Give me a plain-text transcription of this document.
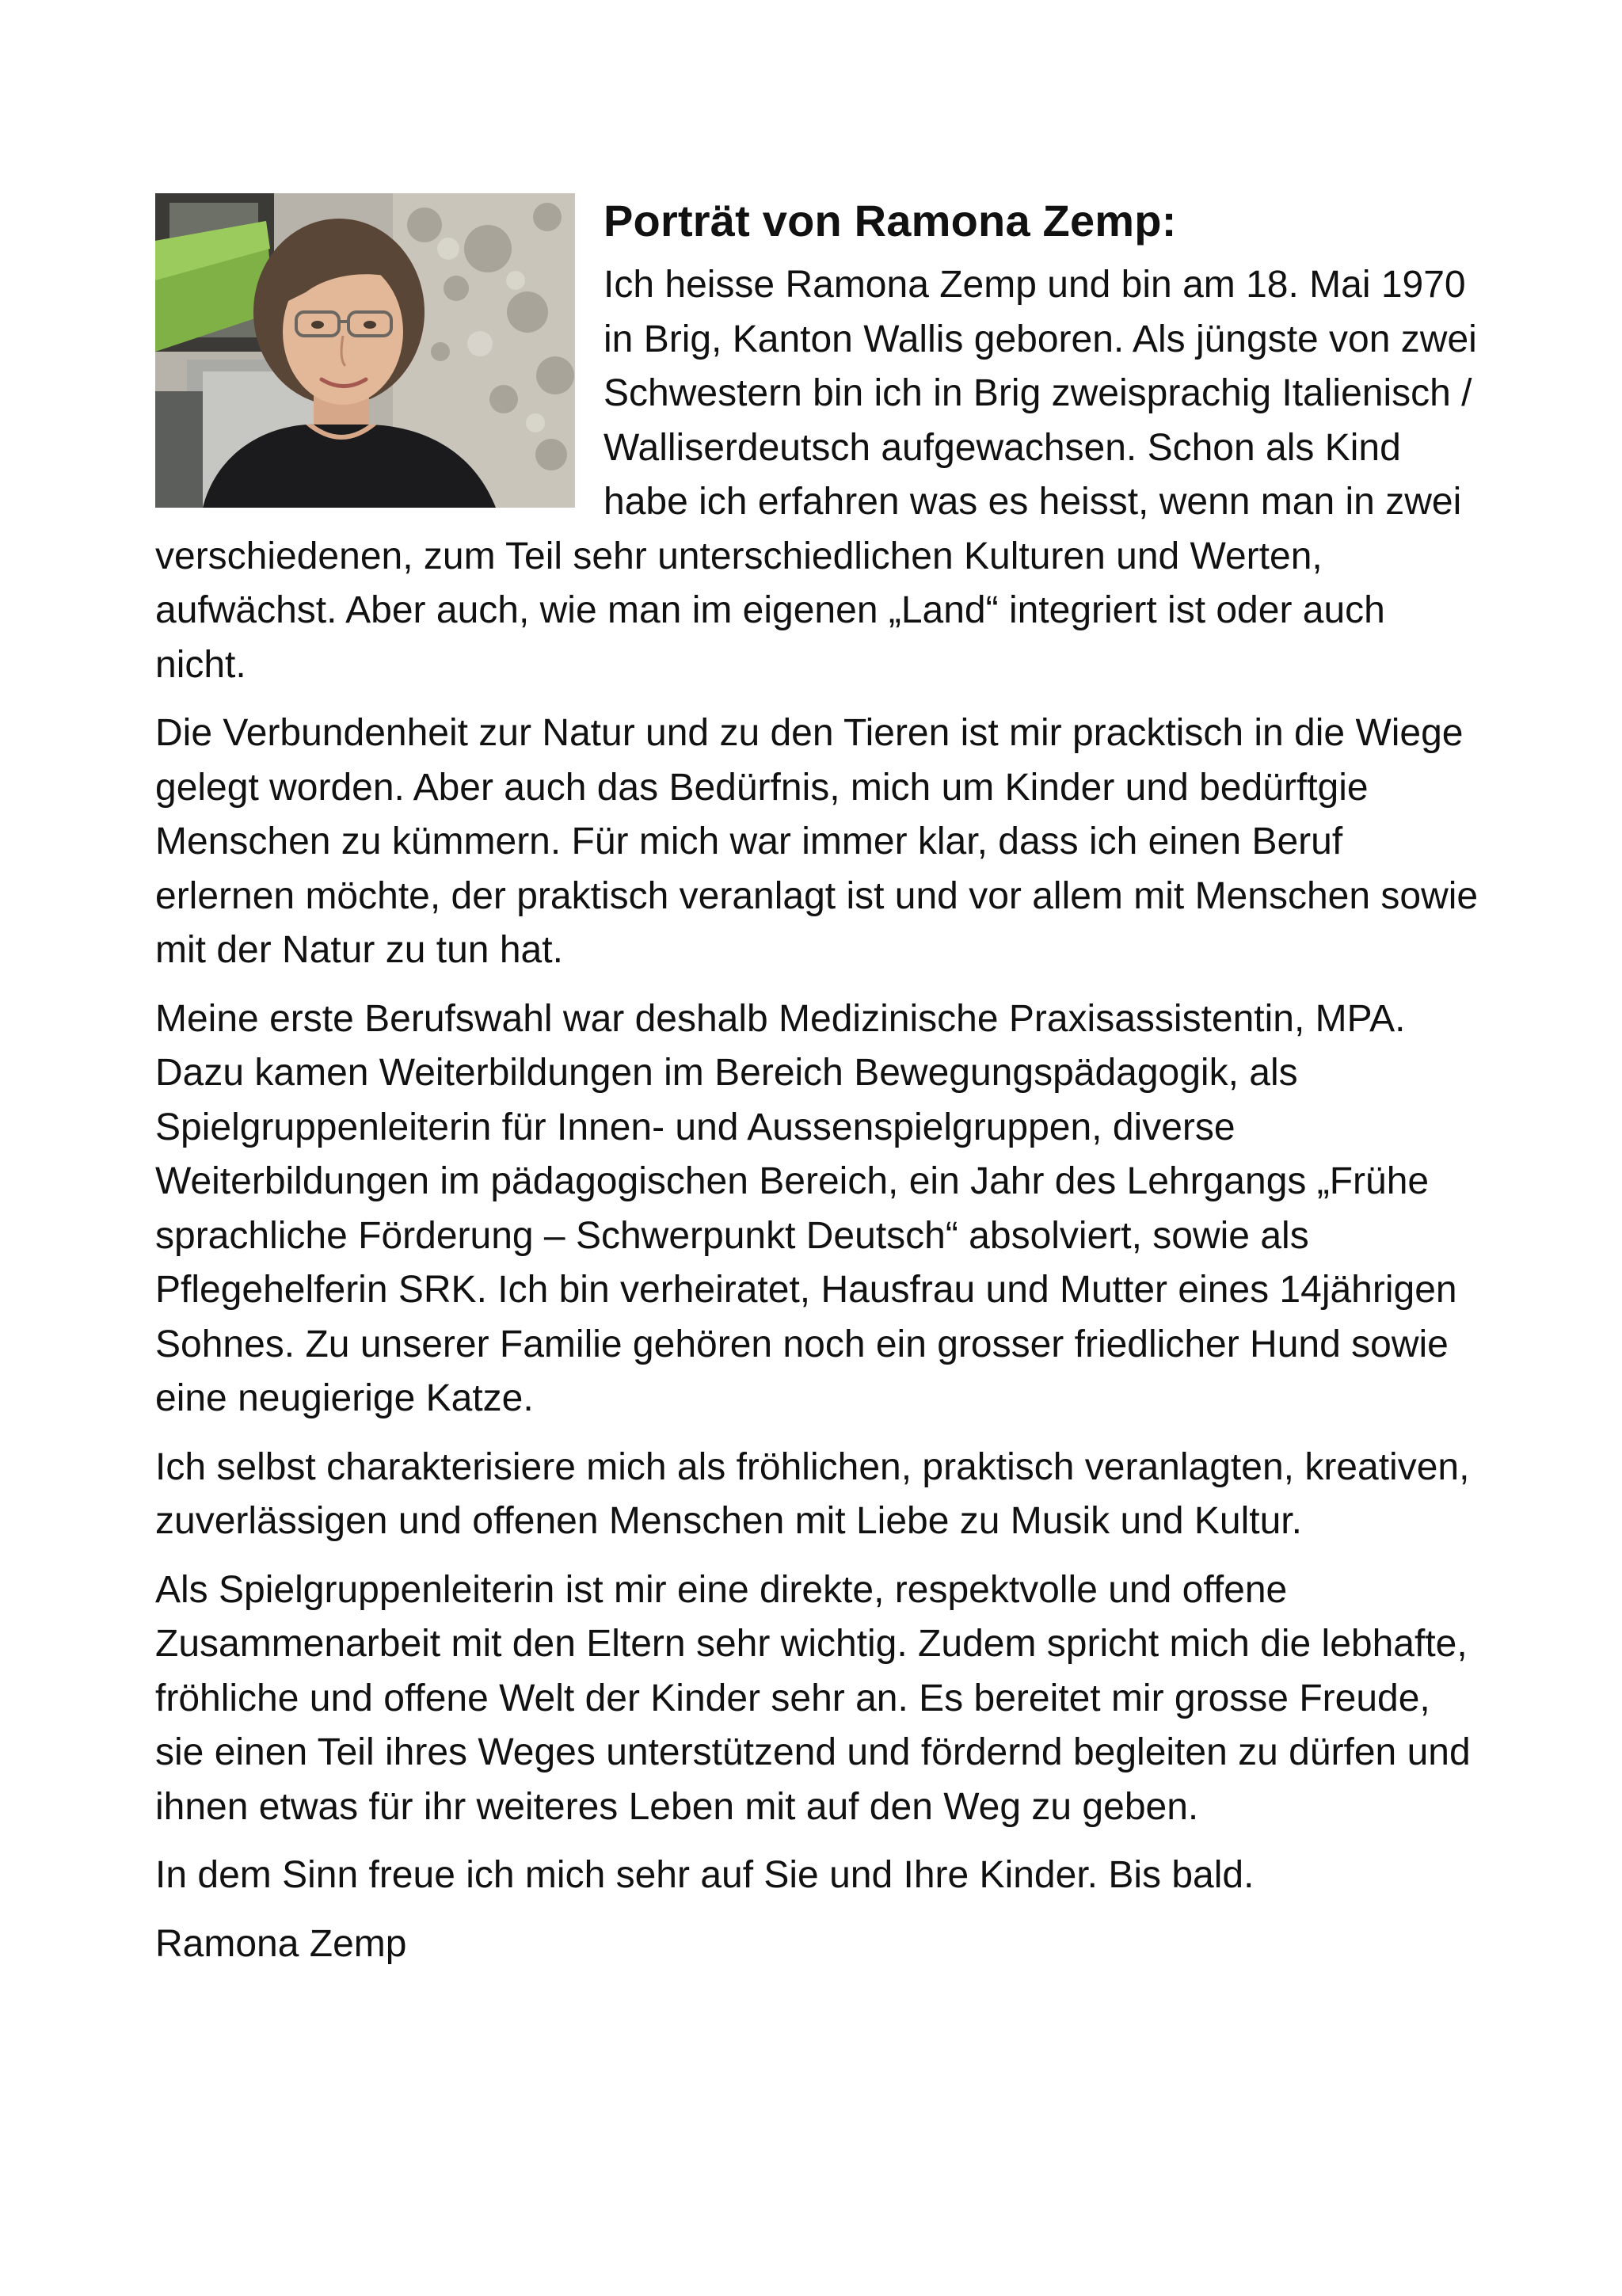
Porträt von Ramona Zemp:

Ich heisse Ramona Zemp und bin am 18. Mai 1970 in Brig, Kanton Wallis geboren. Als jüngste von zwei Schwestern bin ich in Brig zweisprachig Italienisch / Walliserdeutsch aufgewachsen. Schon als Kind habe ich erfahren was es heisst, wenn man in zwei verschiedenen, zum Teil sehr unterschiedlichen Kulturen und Werten, aufwächst. Aber auch, wie man im eigenen „Land“ integriert ist oder auch nicht.

Die Verbundenheit zur Natur und zu den Tieren ist mir pracktisch in die Wiege gelegt worden. Aber auch das Bedürfnis, mich um Kinder und bedürftgie Menschen zu kümmern. Für mich war immer klar, dass ich einen Beruf erlernen möchte, der praktisch veranlagt ist und vor allem mit Menschen sowie mit der Natur zu tun hat.

Meine erste Berufswahl war deshalb Medizinische Praxisassistentin, MPA. Dazu kamen Weiterbildungen im Bereich Bewegungspädagogik, als Spielgruppenleiterin für Innen- und Aussenspielgruppen, diverse Weiterbildungen im pädagogischen Bereich, ein Jahr des Lehrgangs „Frühe sprachliche Förderung – Schwerpunkt Deutsch“ absolviert, sowie als Pflegehelferin SRK. Ich bin verheiratet, Hausfrau und Mutter eines 14jährigen Sohnes. Zu unserer Familie gehören noch ein grosser friedlicher Hund sowie eine neugierige Katze.

Ich selbst charakterisiere mich als fröhlichen, praktisch veranlagten, kreativen, zuverlässigen und offenen Menschen mit Liebe zu Musik und Kultur.

Als Spielgruppenleiterin ist mir eine direkte, respektvolle und offene Zusammenarbeit mit den Eltern sehr wichtig. Zudem spricht mich die lebhafte, fröhliche und offene Welt der Kinder sehr an. Es bereitet mir grosse Freude, sie einen Teil ihres Weges unterstützend und fördernd begleiten zu dürfen und ihnen etwas für ihr weiteres Leben mit auf den Weg zu geben.

In dem Sinn freue ich mich sehr auf Sie und Ihre Kinder. Bis bald.

Ramona Zemp
